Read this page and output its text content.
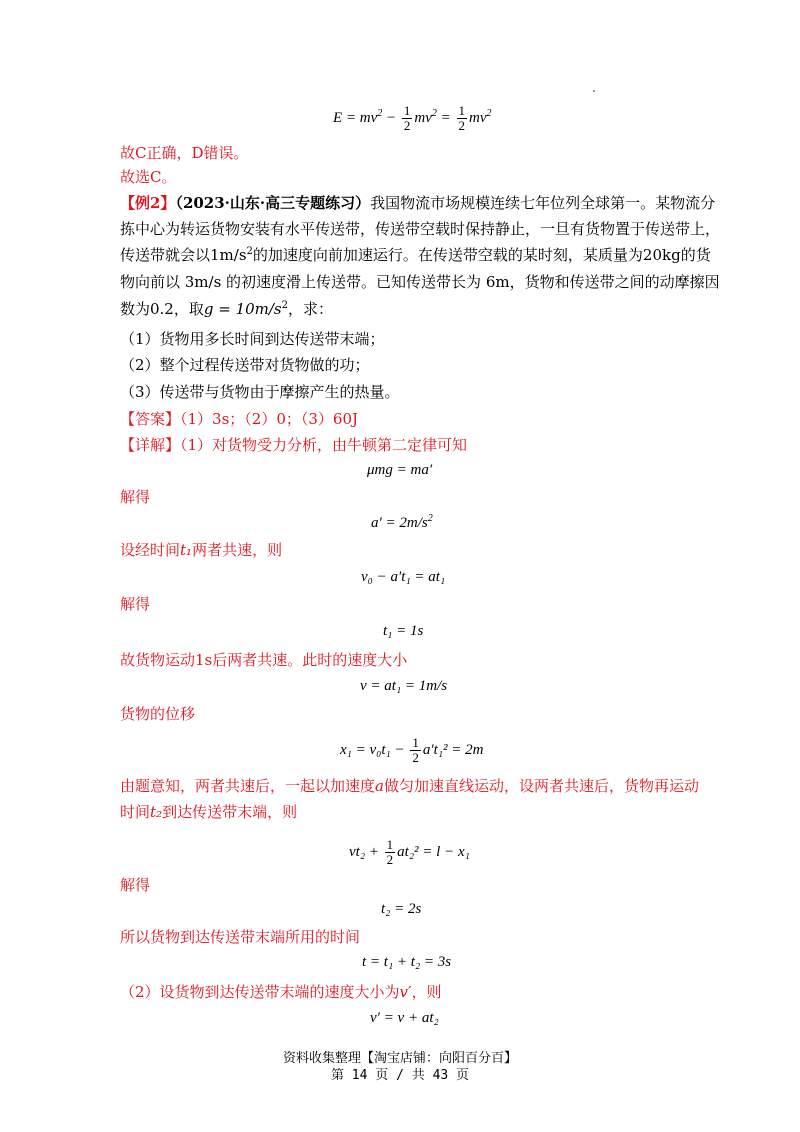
$E = mv^2 - \frac{1}{2} mv^2 = \frac{1}{2} mv^2$
故C正确，D错误。
故选C。
【例2】（2023·山东·高三专题练习）我国物流市场规模连续七年位列全球第一。某物流分
拣中心为转运货物安装有水平传送带，传送带空载时保持静止，一旦有货物置于传送带上，
传送带就会以$1m/s^2$的加速度向前加速运行。在传送带空载的某时刻，某质量为20kg的货
物向前以 3m/s 的初速度滑上传送带。已知传送带长为 6m，货物和传送带之间的动摩擦因
数为0.2，取$g = 10m/s^2$，求：
（1）货物用多长时间到达传送带末端；
（2）整个过程传送带对货物做的功；
（3）传送带与货物由于摩擦产生的热量。
【答案】（1）3s；（2）0；（3）60J
【详解】（1）对货物受力分析，由牛顿第二定律可知
μmg = ma′
解得
$a' = 2m/s^2$
设经时间t₁两者共速，则
v₀ − a′t₁ = at₁
解得
t₁ = 1s
故货物运动1s后两者共速。此时的速度大小
v = at₁ = 1m/s
货物的位移
$x_1 = v_0t_1 - \frac{1}{2} a't_1^2 = 2m$
由题意知，两者共速后，一起以加速度a做匀加速直线运动，设两者共速后，货物再运动
时间t₂到达传送带末端，则
$vt_2 + \frac{1}{2} at_2^2 = l - x_1$
解得
t₂ = 2s
所以货物到达传送带末端所用的时间
t = t₁ + t₂ = 3s
（2）设货物到达传送带末端的速度大小为v′，则
v′ = v + at₂
资料收集整理【淘宝店铺：向阳百分百】
第 14 页 / 共 43 页
